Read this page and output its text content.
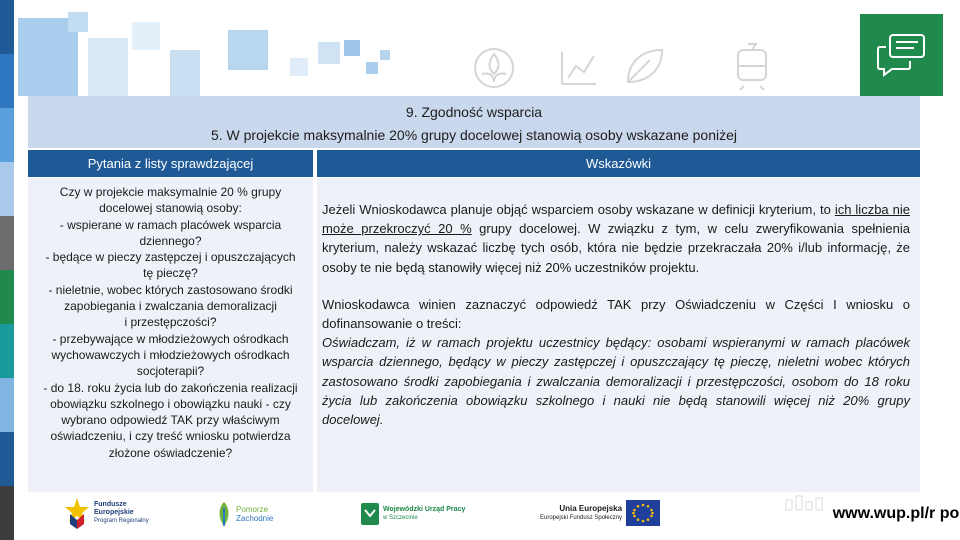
9. Zgodność wsparcia
5. W projekcie maksymalnie 20% grupy docelowej stanowią osoby wskazane poniżej
Pytania z listy sprawdzającej	Wskazówki
Czy w projekcie maksymalnie 20 % grupy
docelowej stanowią osoby:
- wspierane w ramach placówek wsparcia
dziennego?
- będące w pieczy zastępczej i opuszczających
tę pieczę?
- nieletnie, wobec których zastosowano środki
zapobiegania i zwalczania demoralizacji
i przestępczości?
- przebywające w młodzieżowych ośrodkach
wychowawczych i młodzieżowych ośrodkach
socjoterapii?
- do 18. roku życia lub do zakończenia realizacji
obowiązku szkolnego i obowiązku nauki - czy
wybrano odpowiedź TAK przy właściwym
oświadczeniu, i czy treść wniosku potwierdza
złożone oświadczenie?

Jeżeli Wnioskodawca planuje objąć wsparciem osoby wskazane w definicji kryterium, to ich liczba nie może przekroczyć 20 % grupy docelowej. W związku z tym, w celu zweryfikowania spełnienia kryterium, należy wskazać liczbę tych osób, która nie będzie przekraczała 20% i/lub informację, że osoby te nie będą stanowiły więcej niż 20% uczestników projektu.

Wnioskodawca winien zaznaczyć odpowiedź TAK przy Oświadczeniu w Części I wniosku o dofinansowanie o treści:

Oświadczam, iż w ramach projektu uczestnicy będący: osobami wspieranymi w ramach placówek wsparcia dziennego, będący w pieczy zastępczej i opuszczający tę pieczę, nieletni wobec których zastosowano środki zapobiegania i zwalczania demoralizacji i przestępczości, osobom do 18 roku życia lub zakończenia obowiązku szkolnego i nauki nie będą stanowili więcej niż 20% grupy docelowej.

Fundusze
Europejskie
Program Regionalny
Pomorze
Zachodnie
Wojewódzki Urząd Pracy
w Szczecinie
Unia Europejska
Europejski Fundusz Społeczny	www.wup.pl/r po
